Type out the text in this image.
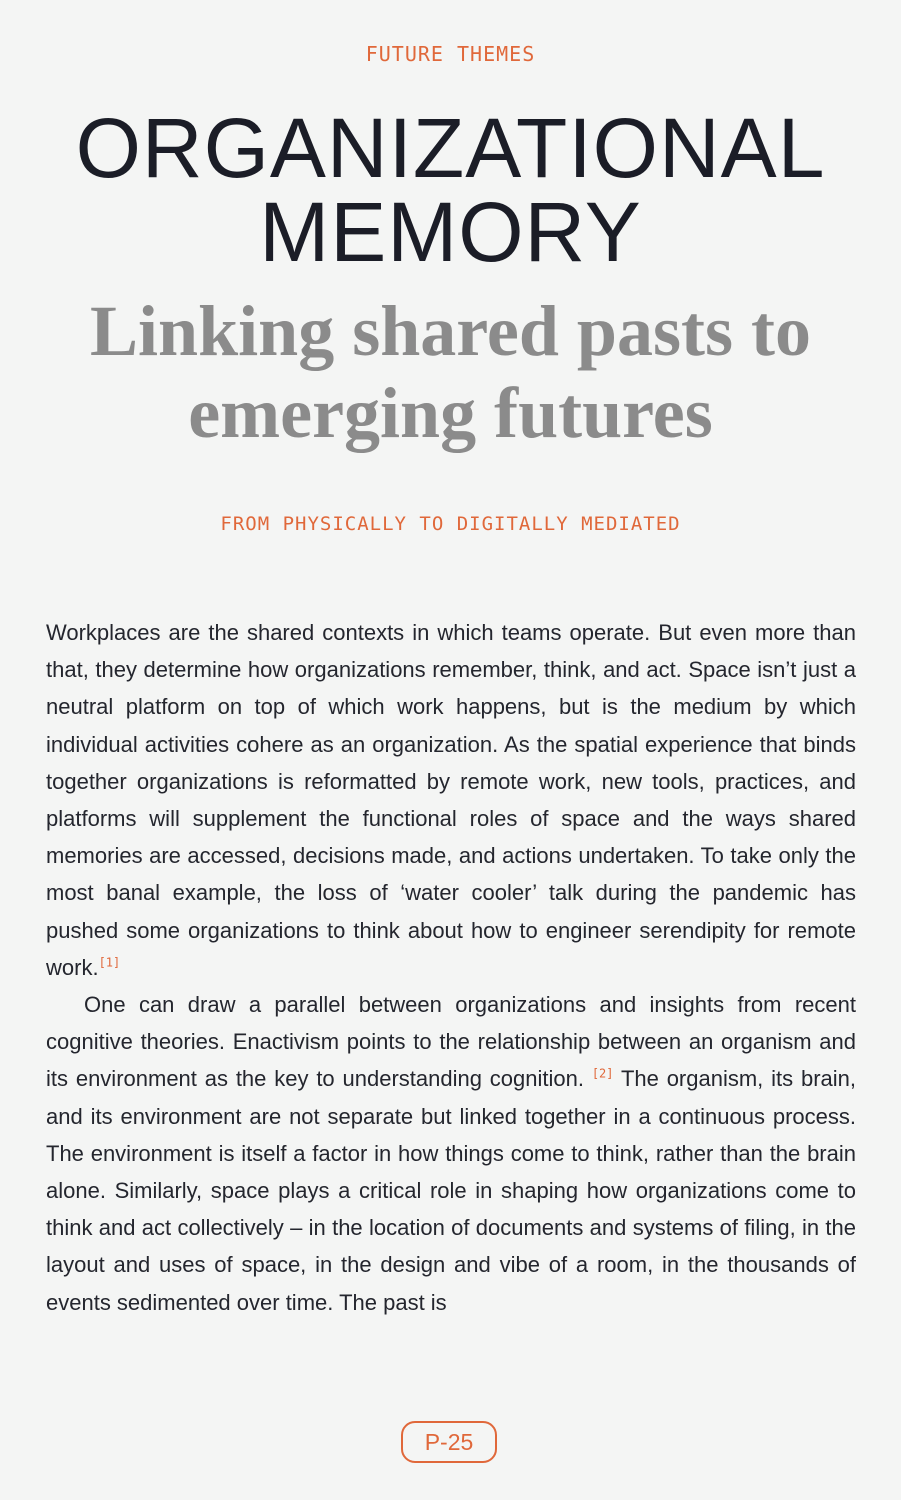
FUTURE THEMES
ORGANIZATIONAL
MEMORY
Linking shared pasts to
emerging futures
FROM PHYSICALLY TO DIGITALLY MEDIATED

Workplaces are the shared contexts in which teams operate. But even more than that, they determine how organizations remember, think, and act. Space isn’t just a neutral platform on top of which work happens, but is the medium by which individual activities cohere as an organization. As the spatial experience that binds together organizations is reformatted by remote work, new tools, practices, and platforms will supplement the functional roles of space and the ways shared memories are accessed, decisions made, and actions undertaken. To take only the most banal example, the loss of ‘water cooler’ talk during the pandemic has pushed some organizations to think about how to engineer serendipity for remote work.[1]

One can draw a parallel between organizations and insights from recent cognitive theories. Enactivism points to the relationship between an organism and its environment as the key to understanding cognition. [2] The organism, its brain, and its environment are not separate but linked together in a continuous process. The environment is itself a factor in how things come to think, rather than the brain alone. Similarly, space plays a critical role in shaping how organizations come to think and act collectively – in the location of documents and systems of filing, in the layout and uses of space, in the design and vibe of a room, in the thousands of events sedimented over time. The past is

P-25
